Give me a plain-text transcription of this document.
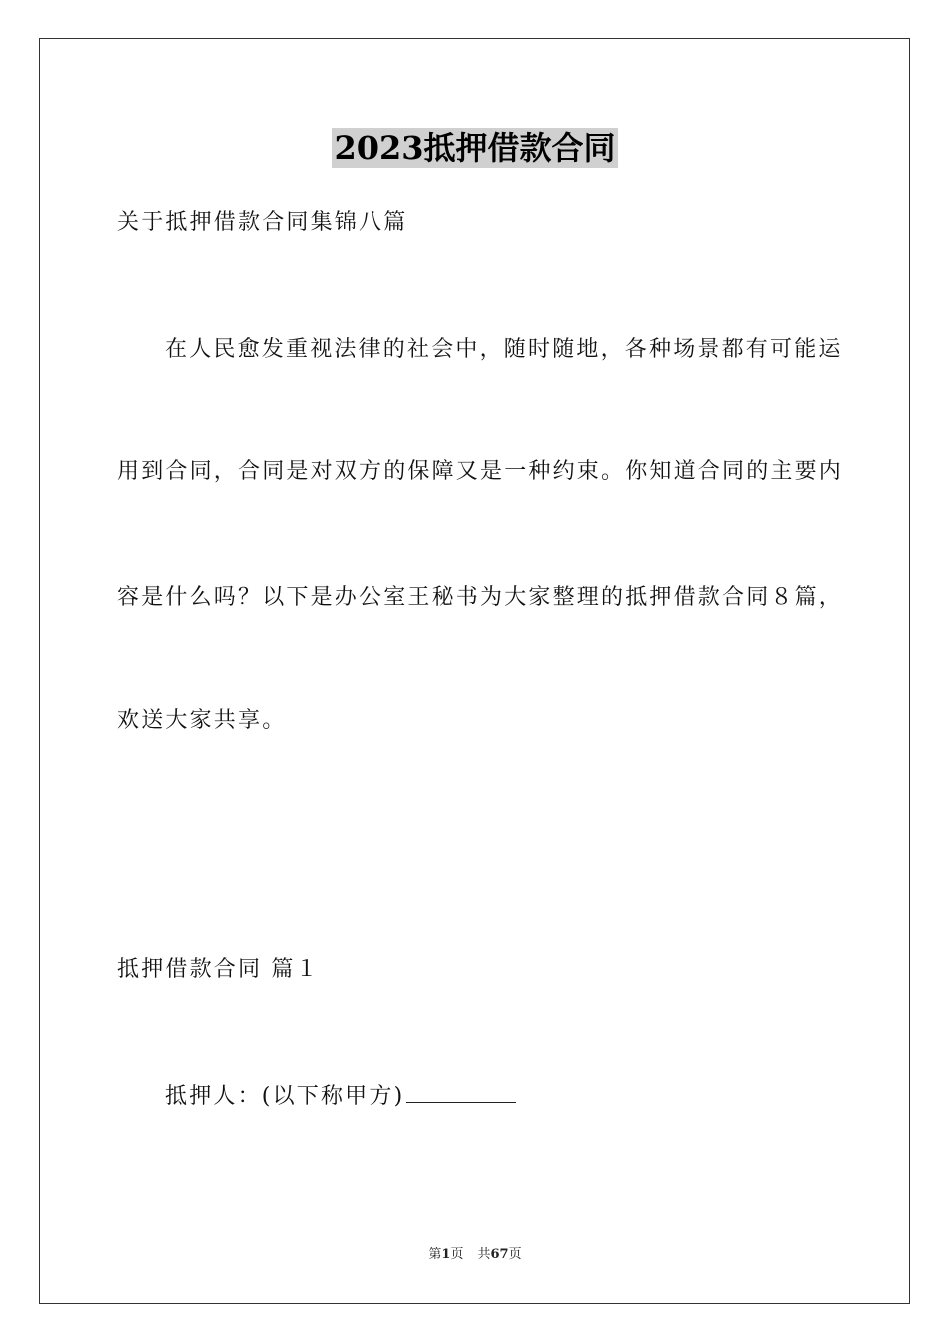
2023抵押借款合同
关于抵押借款合同集锦八篇
在人民愈发重视法律的社会中，随时随地，各种场景都有可能运
用到合同，合同是对双方的保障又是一种约束。你知道合同的主要内
容是什么吗？以下是办公室王秘书为大家整理的抵押借款合同８篇，
欢送大家共享。
抵押借款合同 篇１
抵押人：(以下称甲方)
第1页 共67页
